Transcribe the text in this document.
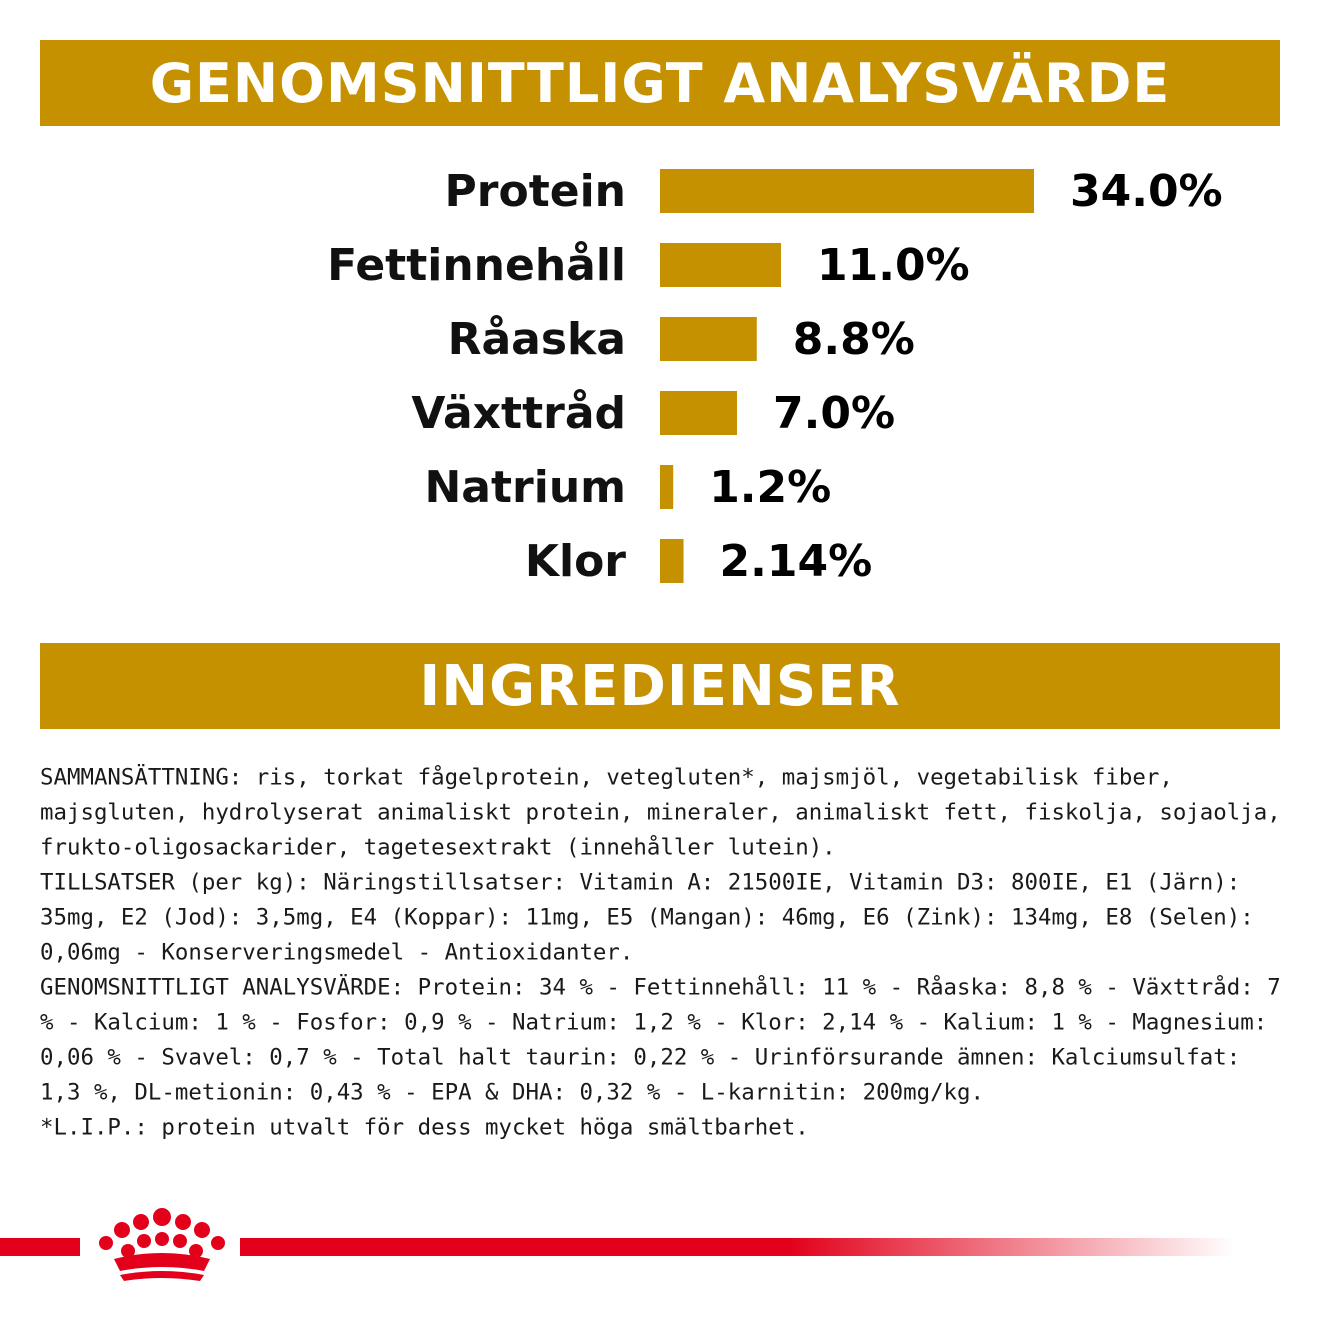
GENOMSNITTLIGT ANALYSVÄRDE
Protein	34.0%
Fettinnehåll	11.0%
Råaska	8.8%
Växttråd	7.0%
Natrium 1.2%
Klor 2.14%
INGREDIENSER

SAMMANSÄTTNING: ris, torkat fågelprotein, vetegluten*, majsmjöl, vegetabilisk fiber, majsgluten, hydrolyserat animaliskt protein, mineraler, animaliskt fett, fiskolja, sojaolja, frukto-oligosackarider, tagetesextrakt (innehåller lutein).

TILLSATSER (per kg): Näringstillsatser: Vitamin A: 21500IE, Vitamin D3: 800IE, E1 (Järn): 35mg, E2 (Jod): 3,5mg, E4 (Koppar): 11mg, E5 (Mangan): 46mg, E6 (Zink): 134mg, E8 (Selen): 0,06mg - Konserveringsmedel - Antioxidanter.

GENOMSNITTLIGT ANALYSVÄRDE: Protein: 34 % - Fettinnehåll: 11 % - Råaska: 8,8 % - Växttråd: 7 % - Kalcium: 1 % - Fosfor: 0,9 % - Natrium: 1,2 % - Klor: 2,14 % - Kalium: 1 % - Magnesium: 0,06 % - Svavel: 0,7 % - Total halt taurin: 0,22 % - Urinförsurande ämnen: Kalciumsulfat: 1,3 %, DL-metionin: 0,43 % - EPA & DHA: 0,32 % - L-karnitin: 200mg/kg.

*L.I.P.: protein utvalt för dess mycket höga smältbarhet.
